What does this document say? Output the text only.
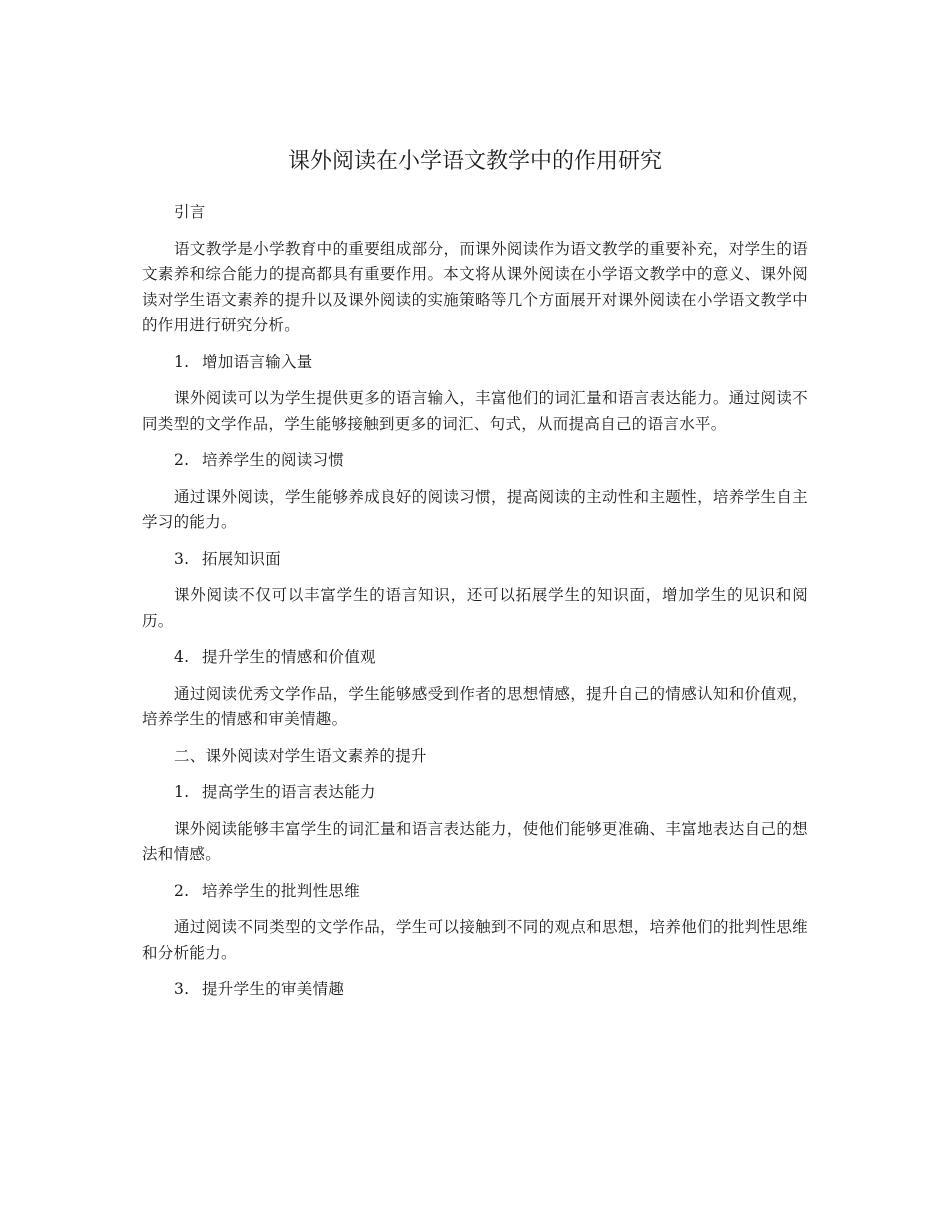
课外阅读在小学语文教学中的作用研究
引言

语文教学是小学教育中的重要组成部分，而课外阅读作为语文教学的重要补充，对学生的语文素养和综合能力的提高都具有重要作用。本文将从课外阅读在小学语文教学中的意义、课外阅读对学生语文素养的提升以及课外阅读的实施策略等几个方面展开对课外阅读在小学语文教学中的作用进行研究分析。

1. 增加语言输入量

课外阅读可以为学生提供更多的语言输入，丰富他们的词汇量和语言表达能力。通过阅读不同类型的文学作品，学生能够接触到更多的词汇、句式，从而提高自己的语言水平。

2. 培养学生的阅读习惯

通过课外阅读，学生能够养成良好的阅读习惯，提高阅读的主动性和主题性，培养学生自主学习的能力。

3. 拓展知识面

课外阅读不仅可以丰富学生的语言知识，还可以拓展学生的知识面，增加学生的见识和阅历。

4. 提升学生的情感和价值观

通过阅读优秀文学作品，学生能够感受到作者的思想情感，提升自己的情感认知和价值观，培养学生的情感和审美情趣。

二、课外阅读对学生语文素养的提升
1. 提高学生的语言表达能力

课外阅读能够丰富学生的词汇量和语言表达能力，使他们能够更准确、丰富地表达自己的想法和情感。

2. 培养学生的批判性思维

通过阅读不同类型的文学作品，学生可以接触到不同的观点和思想，培养他们的批判性思维和分析能力。

3. 提升学生的审美情趣
